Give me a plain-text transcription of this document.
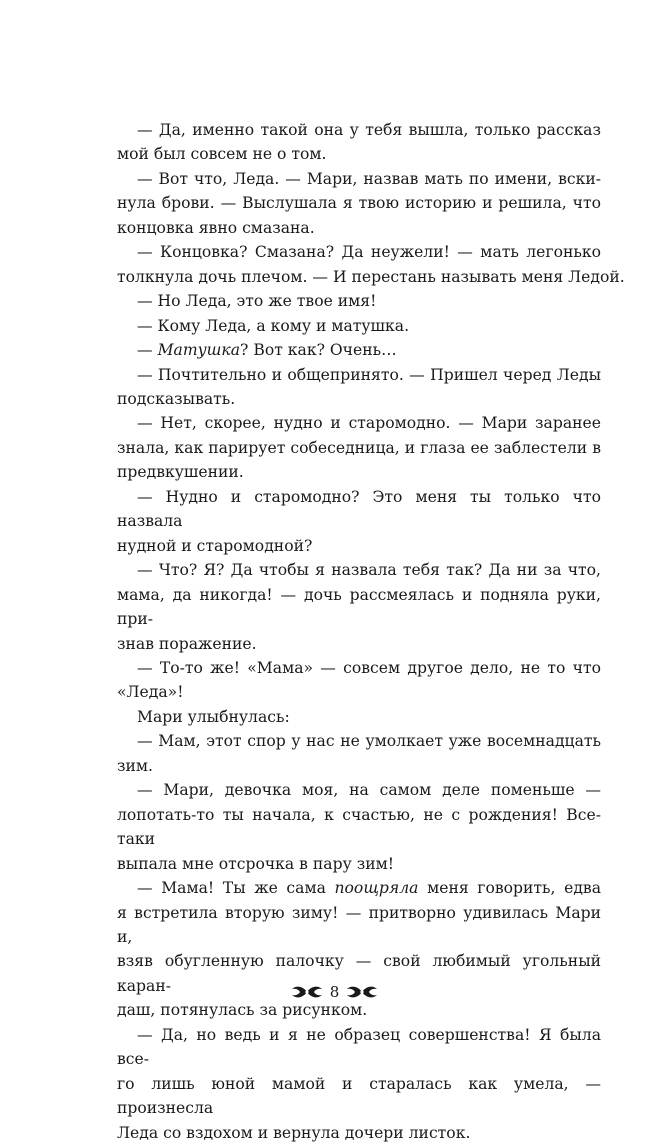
— Да, именно такой она у тебя вышла, только рассказ
мой был совсем не о том.
— Вот что, Леда. — Мари, назвав мать по имени, вски-
нула брови. — Выслушала я твою историю и решила, что
концовка явно смазана.
— Концовка? Смазана? Да неужели! — мать легонько
толкнула дочь плечом. — И перестань называть меня Ледой.
— Но Леда, это же твое имя!
— Кому Леда, а кому и матушка.
— Матушка? Вот как? Очень…
— Почтительно и общепринято. — Пришел черед Леды
подсказывать.
— Нет, скорее, нудно и старомодно. — Мари заранее
знала, как парирует собеседница, и глаза ее заблестели в
предвкушении.
— Нудно и старомодно? Это меня ты только что назвала
нудной и старомодной?
— Что? Я? Да чтобы я назвала тебя так? Да ни за что,
мама, да никогда! — дочь рассмеялась и подняла руки, при-
знав поражение.
— То-то же! «Мама» — совсем другое дело, не то что
«Леда»!
Мари улыбнулась:
— Мам, этот спор у нас не умолкает уже восемнадцать
зим.
— Мари, девочка моя, на самом деле поменьше —
лопотать-то ты начала, к счастью, не с рождения! Все-таки
выпала мне отсрочка в пару зим!
— Мама! Ты же сама поощряла меня говорить, едва
я встретила вторую зиму! — притворно удивилась Мари и,
взяв обугленную палочку — свой любимый угольный каран-
даш, потянулась за рисунком.
— Да, но ведь и я не образец совершенства! Я была все-
го лишь юной мамой и старалась как умела, — произнесла
Леда со вздохом и вернула дочери листок.
8
